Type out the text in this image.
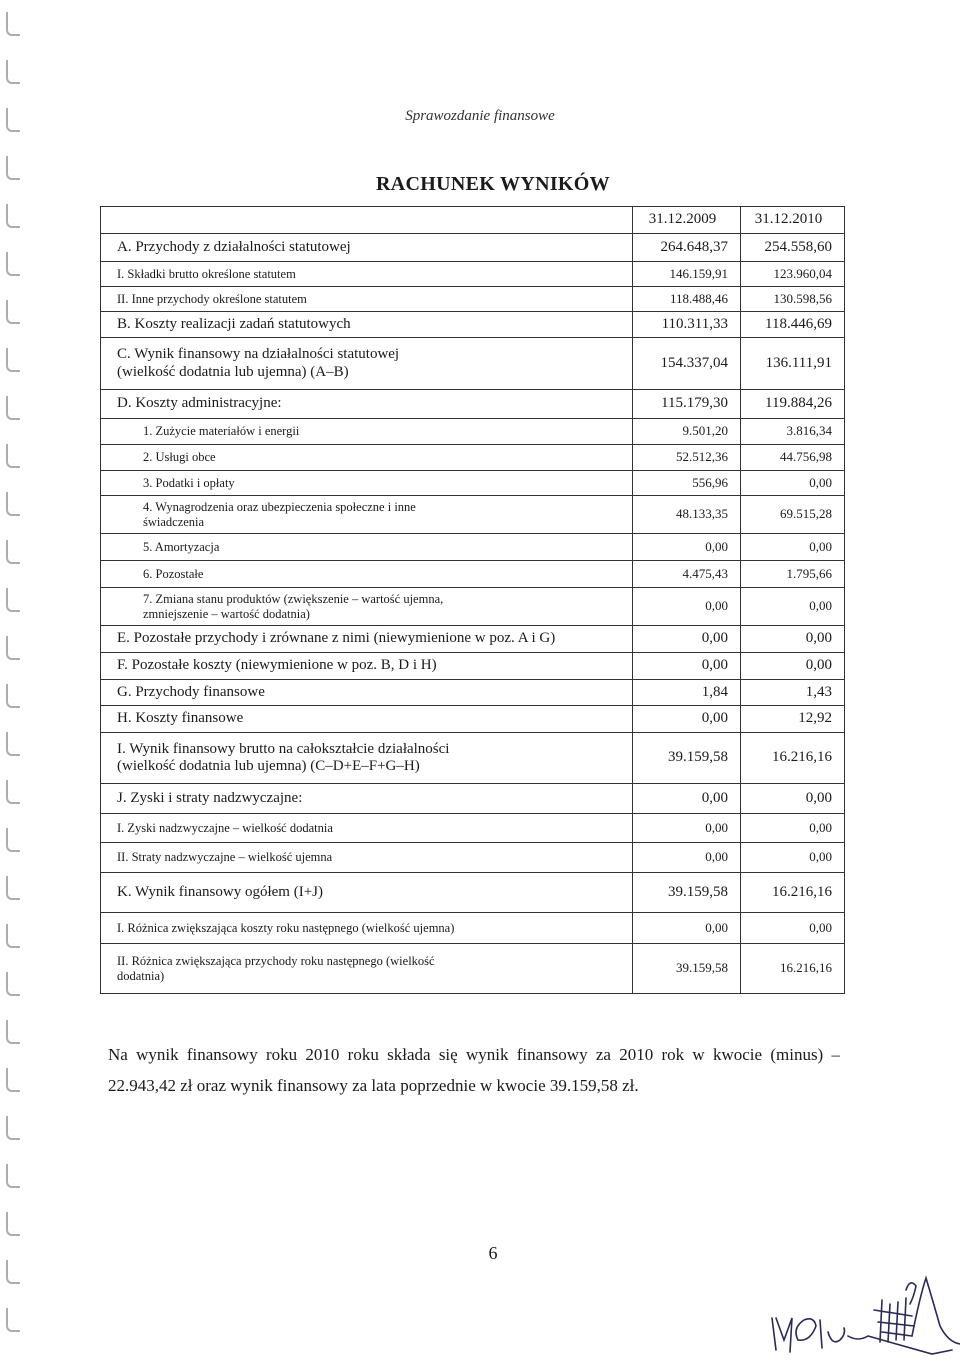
Sprawozdanie finansowe
RACHUNEK WYNIKÓW
	31.12.2009	31.12.2010
A. Przychody z działalności statutowej	264.648,37	254.558,60
I. Składki brutto określone statutem	146.159,91	123.960,04
II. Inne przychody określone statutem	118.488,46	130.598,56
B. Koszty realizacji zadań statutowych	110.311,33	118.446,69
C. Wynik finansowy na działalności statutowej
(wielkość dodatnia lub ujemna) (A–B)	154.337,04	136.111,91
D. Koszty administracyjne:	115.179,30	119.884,26
1. Zużycie materiałów i energii	9.501,20	3.816,34
2. Usługi obce	52.512,36	44.756,98
3. Podatki i opłaty	556,96	0,00
4. Wynagrodzenia oraz ubezpieczenia społeczne i inne
świadczenia	48.133,35	69.515,28
5. Amortyzacja	0,00	0,00
6. Pozostałe	4.475,43	1.795,66
7. Zmiana stanu produktów (zwiększenie – wartość ujemna,
zmniejszenie – wartość dodatnia)	0,00	0,00
E. Pozostałe przychody i zrównane z nimi (niewymienione w poz. A i G)	0,00	0,00
F. Pozostałe koszty (niewymienione w poz. B, D i H)	0,00	0,00
G. Przychody finansowe	1,84	1,43
H. Koszty finansowe	0,00	12,92
I. Wynik finansowy brutto na całokształcie działalności
(wielkość dodatnia lub ujemna) (C–D+E–F+G–H)	39.159,58	16.216,16
J. Zyski i straty nadzwyczajne:	0,00	0,00
I. Zyski nadzwyczajne – wielkość dodatnia	0,00	0,00
II. Straty nadzwyczajne – wielkość ujemna	0,00	0,00
K. Wynik finansowy ogółem (I+J)	39.159,58	16.216,16
I. Różnica zwiększająca koszty roku następnego (wielkość ujemna)	0,00	0,00
II. Różnica zwiększająca przychody roku następnego (wielkość
dodatnia)	39.159,58	16.216,16

Na wynik finansowy roku 2010 roku składa się wynik finansowy za 2010 rok w kwocie (minus) –22.943,42 zł oraz wynik finansowy za lata poprzednie w kwocie 39.159,58 zł.

6
